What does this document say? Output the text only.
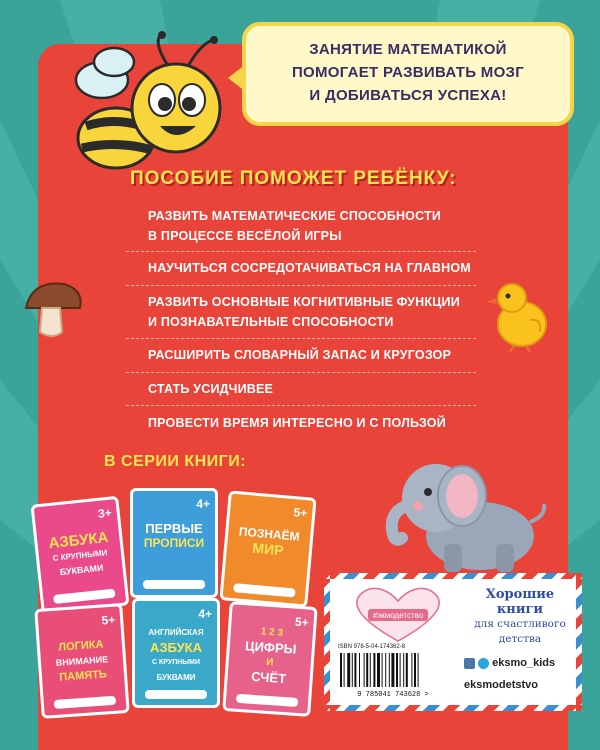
ЗАНЯТИЕ МАТЕМАТИКОЙ
ПОМОГАЕТ РАЗВИВАТЬ МОЗГ
И ДОБИВАТЬСЯ УСПЕХА!
ПОСОБИЕ ПОМОЖЕТ РЕБЁНКУ:
РАЗВИТЬ МАТЕМАТИЧЕСКИЕ СПОСОБНОСТИ
В ПРОЦЕССЕ ВЕСЁЛОЙ ИГРЫ
НАУЧИТЬСЯ СОСРЕДОТАЧИВАТЬСЯ НА ГЛАВНОМ
РАЗВИТЬ ОСНОВНЫЕ КОГНИТИВНЫЕ ФУНКЦИИ
И ПОЗНАВАТЕЛЬНЫЕ СПОСОБНОСТИ
РАСШИРИТЬ СЛОВАРНЫЙ ЗАПАС И КРУГОЗОР
СТАТЬ УСИДЧИВЕЕ
ПРОВЕСТИ ВРЕМЯ ИНТЕРЕСНО И С ПОЛЬЗОЙ
В СЕРИИ КНИГИ:
3+
АЗБУКА
С КРУПНЫМИ
БУКВАМИ
4+
ПЕРВЫЕ
ПРОПИСИ
5+
ПОЗНАЁМ
МИР
5+
ЛОГИКА
ВНИМАНИЕ
ПАМЯТЬ
4+
АНГЛИЙСКАЯ
АЗБУКА
С КРУПНЫМИ
БУКВАМИ
5+
1 2 3
ЦИФРЫ
И
СЧЁТ
#экмодетство
Хорошие
книги
для счастливого
детства
ISBN 978-5-04-174362-8
9 785041 743628 >
eksmo_kids
eksmodetstvo
